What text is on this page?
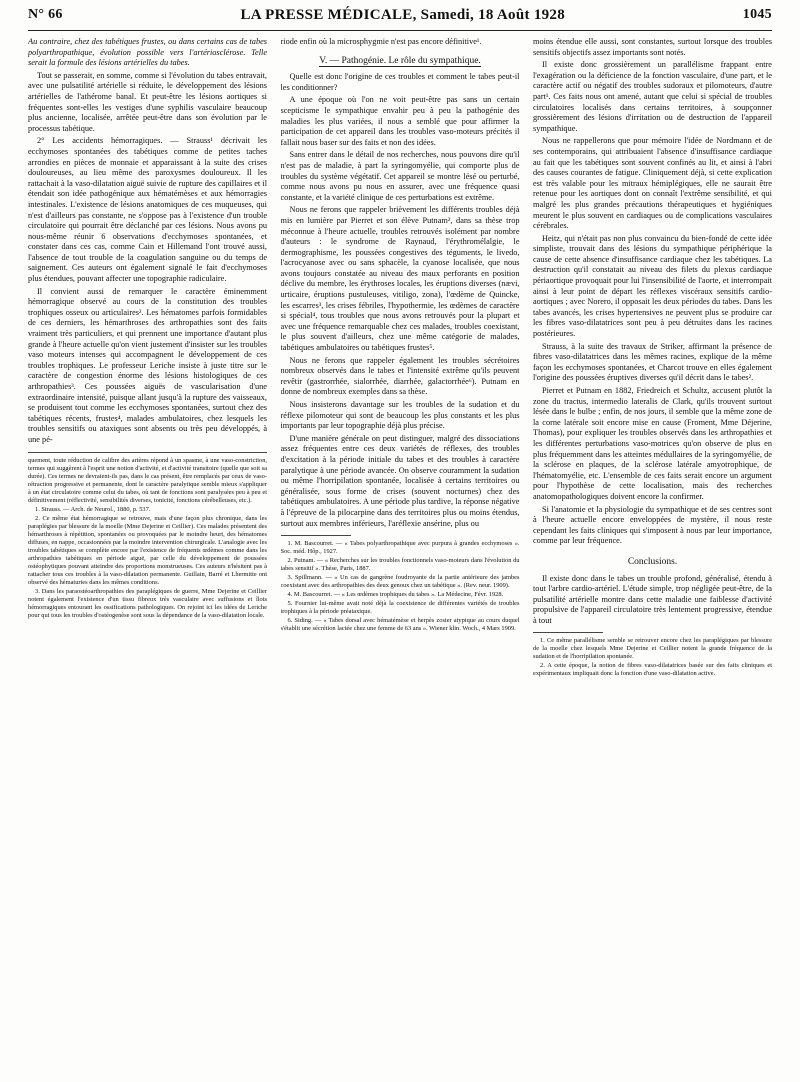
N° 66	LA PRESSE MÉDICALE, Samedi, 18 Août 1928	1045

Au contraire, chez des tabétiques frustes, ou dans certains cas de tabes polyarthropathique, évolution possible vers l'artériosclérose. Telle serait la formule des lésions artérielles du tabes.

Tout se passerait, en somme, comme si l'évolution du tabes entravait, avec une pulsatilité artérielle si réduite, le développement des lésions artérielles de l'athérome banal. Et peut-être les lésions aortiques si fréquentes sont-elles les vestiges d'une syphilis vasculaire beaucoup plus ancienne, localisée, arrêtée peut-être dans son évolution par le processus tabétique.

2° Les accidents hémorragiques. — Strauss¹ décrivait les ecchymoses spontanées des tabétiques comme de petites taches arrondies en pièces de monnaie et apparaissant à la suite des crises douloureuses, au lieu même des paroxysmes douloureux. Il les rattachait à la vaso-dilatation aiguë suivie de rupture des capillaires et il étendait son idée pathogénique aux hématémèses et aux hémorragies intestinales. L'existence de lésions anatomiques de ces muqueuses, qui n'est d'ailleurs pas constante, ne s'oppose pas à l'existence d'un trouble circulatoire qui pourrait être déclanché par ces lésions. Nous avons pu nous-même réunir 6 observations d'ecchymoses spontanées, et constater dans ces cas, comme Cain et Hillemand l'ont trouvé aussi, l'absence de tout trouble de la coagulation sanguine ou du temps de saignement. Ces auteurs ont également signalé le fait d'ecchymoses plus étendues, pouvant affecter une topographie radiculaire.

Il convient aussi de remarquer le caractère éminemment hémorragique observé au cours de la constitution des troubles trophiques osseux ou articulaires². Les hématomes parfois formidables de ces derniers, les hémarthroses des arthropathies sont des faits vraiment très particuliers, et qui prennent une importance d'autant plus grande à l'heure actuelle qu'on vient justement d'insister sur les troubles vaso moteurs intenses qui accompagnent le développement de ces troubles trophiques. Le professeur Leriche insiste à juste titre sur le caractère de congestion énorme des lésions histologiques de ces arthropathies³. Ces poussées aiguës de vascularisation d'une extraordinaire intensité, puisque allant jusqu'à la rupture des vaisseaux, se produisent tout comme les ecchymoses spontanées, surtout chez des tabétiques récents, frustes⁴, malades ambulatoires, chez lesquels les troubles sensitifs ou ataxiques sont absents ou très peu développés, à une pé-

quement, toute réduction de calibre des artères répond à un spasme, à une vaso-constriction, termes qui suggèrent à l'esprit une notion d'activité, et d'activité transitoire (quelle que soit sa durée). Ces termes ne devraient-ils pas, dans le cas présent, être remplacés par ceux de vaso-rétraction progressive et permanente, dont le caractère paralytique semble mieux s'appliquer à un état circulatoire comme celui du tabes, où tant de fonctions sont paralysées peu à peu et définitivement (réflectivité, sensibilités diverses, tonicité, fonctions cérébelleuses, etc.).

1. Strauss. — Arch. de Neurol., 1880, p. 537.

2. Ce même état hémorragique se retrouve, mais d'une façon plus chronique, dans les paraplégies par blessure de la moelle (Mme Dejerine et Ceillier). Ces malades présentent des hémarthroses à répétition, spontanées ou provoquées par le moindre heurt, des hématomes diffuses, en nappe, occasionnées par la moindre intervention chirurgicale. L'analogie avec les troubles tabétiques se complète encore par l'existence de fréquents œdèmes comme dans les arthropathies tabétiques en période aiguë, par celle du développement de poussées ostéophytiques pouvant atteindre des proportions monstrueuses. Ces auteurs n'hésitent pas à rattacher tous ces troubles à la vaso-dilatation permanente. Guillain, Barré et Lhermitte ont observé des hématuries dans les mêmes conditions.

3. Dans les paraostéoarthropathies des paraplégiques de guerre, Mme Dejerine et Ceillier notent également l'existence d'un tissu fibreux très vasculaire avec suffusions et îlots hémorragiques entourant les ossifications pathologiques. On rejoint ici les idées de Leriche pour qui tous les troubles d'ostéogenèse sont sous la dépendance de la vaso-dilatation locale.

riode enfin où la microsphygmie n'est pas encore définitive¹.

V. — Pathogénie. Le rôle du sympathique.

Quelle est donc l'origine de ces troubles et comment le tabes peut-il les conditionner?

A une époque où l'on ne voit peut-être pas sans un certain scepticisme le sympathique envahir peu à peu la pathogénie des maladies les plus variées, il nous a semblé que pour affirmer la participation de cet appareil dans les troubles vaso-moteurs précités il fallait nous baser sur des faits et non des idées.

Sans entrer dans le détail de nos recherches, nous pouvons dire qu'il n'est pas de maladie, à part la syringomyélie, qui comporte plus de troubles du système végétatif. Cet appareil se montre lésé ou perturbé, comme nous avons pu nous en assurer, avec une fréquence quasi constante, et la variété clinique de ces perturbations est extrême.

Nous ne ferons que rappeler brièvement les différents troubles déjà mis en lumière par Pierret et son élève Putnam², dans sa thèse trop méconnue à l'heure actuelle, troubles retrouvés isolément par nombre d'auteurs : le syndrome de Raynaud, l'érythromélalgie, le dermographisme, les poussées congestives des téguments, le livedo, l'acrocyanose avec ou sans sphacèle, la cyanose localisée, que nous avons toujours constatée au niveau des maux perforants en position déclive du membre, les érythroses locales, les éruptions diverses (nævi, urticaire, éruptions pustuleuses, vitiligo, zona), l'œdème de Quincke, les escarres³, les crises fébriles, l'hypothermie, les œdèmes de caractère si spécial⁴, tous troubles que nous avons retrouvés pour la plupart et avec une fréquence remarquable chez ces malades, troubles coexistant, le plus souvent d'ailleurs, chez une même catégorie de malades, tabétiques ambulatoires ou tabétiques frustes⁵.

Nous ne ferons que rappeler également les troubles sécrétoires nombreux observés dans le tabes et l'intensité extrême qu'ils peuvent revêtir (gastrorrhée, sialorrhée, diarrhée, galactorrhée⁶). Putnam en donne de nombreux exemples dans sa thèse.

Nous insisterons davantage sur les troubles de la sudation et du réflexe pilomoteur qui sont de beaucoup les plus constants et les plus importants par leur topographie déjà plus précise.

D'une manière générale on peut distinguer, malgré des dissociations assez fréquentes entre ces deux variétés de réflexes, des troubles d'excitation à la période initiale du tabes et des troubles à caractère paralytique à une période avancée. On observe couramment la sudation ou même l'horripilation spontanée, localisée à certains territoires ou généralisée, sous forme de crises (souvent nocturnes) chez des tabétiques ambulatoires. A une période plus tardive, la réponse négative à l'épreuve de la pilocarpine dans des territoires plus ou moins étendus, surtout aux membres inférieurs, l'aréflexie ansérine, plus ou

1. M. Bascourret. — « Tabes polyarthropathique avec purpura à grandes ecchymoses ». Soc. méd. Hôp., 1927.

2. Putnam. — « Recherches sur les troubles fonctionnels vaso-moteurs dans l'évolution du tabes sensitif ». Thèse, Paris, 1887.

3. Spillmann. — « Un cas de gangrène foudroyante de la partie antérieure des jambes coexistant avec des arthropathies des deux genoux chez un tabétique ». (Rev. neur. 1909).

4. M. Bascourret. — « Les œdèmes trophiques du tabes ». La Médecine, Févr. 1928.

5. Fournier lui-même avait noté déjà la coexistence de différentes variétés de troubles trophiques à la période préataxique.

6. Siding. — « Tabes dorsal avec hématémèse et herpès zoster atypique au cours duquel s'établit une sécrétion lactée chez une femme de 63 ans ». Wiener klin. Woch., 4 Mars 1909.

moins étendue elle aussi, sont constantes, surtout lorsque des troubles sensitifs objectifs assez importants sont notés.

Il existe donc grossièrement un parallélisme frappant entre l'exagération ou la déficience de la fonction vasculaire, d'une part, et le caractère actif ou négatif des troubles sudoraux et pilomoteurs, d'autre part¹. Ces faits nous ont amené, autant que celui si spécial de troubles circulatoires localisés dans certains territoires, à soupçonner grossièrement des lésions d'irritation ou de destruction de l'appareil sympathique.

Nous ne rappellerons que pour mémoire l'idée de Nordmann et de ses contemporains, qui attribuaient l'absence d'insuffisance cardiaque au fait que les tabétiques sont souvent confinés au lit, et ainsi à l'abri des causes courantes de fatigue. Cliniquement déjà, si cette explication est très valable pour les mitraux hémiplégiques, elle ne saurait être retenue pour les aortiques dont on connaît l'extrême sensibilité, et qui malgré les plus grandes précautions thérapeutiques et hygiéniques meurent le plus souvent en cardiaques ou de complications vasculaires cérébrales.

Heitz, qui n'était pas non plus convaincu du bien-fondé de cette idée simpliste, trouvait dans des lésions du sympathique périphérique la cause de cette absence d'insuffisance cardiaque chez les tabétiques. La destruction qu'il constatait au niveau des filets du plexus cardiaque périaortique provoquait pour lui l'insensibilité de l'aorte, et interrompait ainsi à leur point de départ les réflexes viscéraux sensitifs cardio-aortiques ; avec Norero, il opposait les deux périodes du tabes. Dans les tabes avancés, les crises hypertensives ne peuvent plus se produire car les fibres vaso-dilatatrices sont peu à peu détruites dans les racines postérieures.

Strauss, à la suite des travaux de Striker, affirmant la présence de fibres vaso-dilatatrices dans les mêmes racines, explique de la même façon les ecchymoses spontanées, et Charcot trouve en elles également l'origine des poussées éruptives diverses qu'il décrit dans le tabes².

Pierret et Putnam en 1882, Friedreich et Schultz, accusent plutôt la zone du tractus, intermedio lateralis de Clark, qu'ils trouvent surtout lésée dans le bulbe ; enfin, de nos jours, il semble que la même zone de la corne latérale soit encore mise en cause (Froment, Mme Déjerine, Thomas), pour expliquer les troubles observés dans les arthropathies et les différentes perturbations vaso-motrices qu'on observe de plus en plus fréquemment dans les atteintes médullaires de la syringomyélie, de la sclérose en plaques, de la sclérose latérale amyotrophique, de l'hématomyélie, etc. L'ensemble de ces faits serait encore un argument pour l'hypothèse de cette localisation, mais des recherches anatomopathologiques doivent encore la confirmer.

Si l'anatomie et la physiologie du sympathique et de ses centres sont à l'heure actuelle encore enveloppées de mystère, il nous reste cependant les faits cliniques qui s'imposent à nous par leur importance, comme par leur fréquence.

Conclusions.

Il existe donc dans le tabes un trouble profond, généralisé, étendu à tout l'arbre cardio-artériel. L'étude simple, trop négligée peut-être, de la pulsatilité artérielle montre dans cette maladie une faiblesse d'activité propulsive de l'appareil circulatoire très lentement progressive, étendue à tout

1. Ce même parallélisme semble se retrouver encore chez les paraplégiques par blessure de la moelle chez lesquels Mme Dejerine et Ceillier notent la grande fréquence de la sudation et de l'horripilation spontanée.

2. A cette époque, la notion de fibres vaso-dilatatrices basée sur des faits cliniques et expérimentaux impliquait donc la fonction d'une vaso-dilatation active.
